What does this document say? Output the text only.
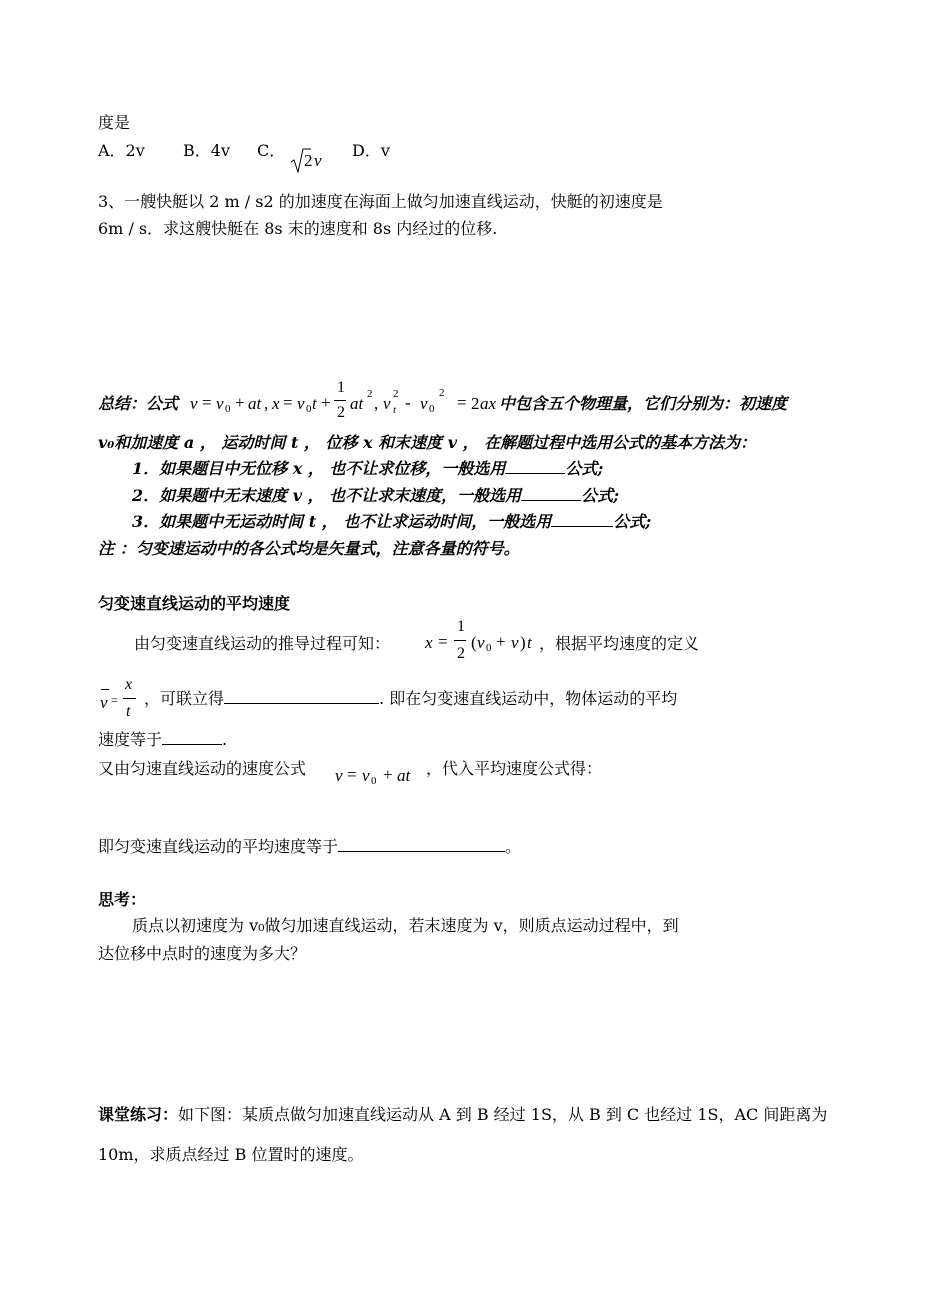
度是
A．2v B．4v C．
2 v
D．v
3、一艘快艇以 2 m / s2 的加速度在海面上做匀加速直线运动，快艇的初速度是
6m / s．求这艘快艇在 8s 末的速度和 8s 内经过的位移.
总结：公式 v = v 0 + at , x = v 0 t +
1
2 at 2 , v t
2 - v 0
2 = 2 ax 中包含五个物理量，它们分别为：初速度
v₀和加速度 a ， 运动时间 t ， 位移 x 和末速度 v ， 在解题过程中选用公式的基本方法为：
1．如果题目中无位移 x ， 也不让求位移，一般选用	公式;
2．如果题中无末速度 v ， 也不让求末速度，一般选用	公式;
3．如果题中无运动时间 t ， 也不让求运动时间，一般选用	公式;
注 ：匀变速运动中的各公式均是矢量式，注意各量的符号。
匀变速直线运动的平均速度
由匀变速直线运动的推导过程可知： x =
1
2
( v 0 + v ) t ，根据平均速度的定义
v =
x
t
，可联立得	. 即在匀变速直线运动中，物体运动的平均
速度等于	.
又由匀速直线运动的速度公式 v = v 0 + at ，代入平均速度公式得：
即匀变速直线运动的平均速度等于	。
思考：
质点以初速度为 v₀做匀加速直线运动，若末速度为 v，则质点运动过程中，到
达位移中点时的速度为多大？
课堂练习：如下图：某质点做匀加速直线运动从 A 到 B 经过 1S，从 B 到 C 也经过 1S，AC 间距离为
10m，求质点经过 B 位置时的速度。
